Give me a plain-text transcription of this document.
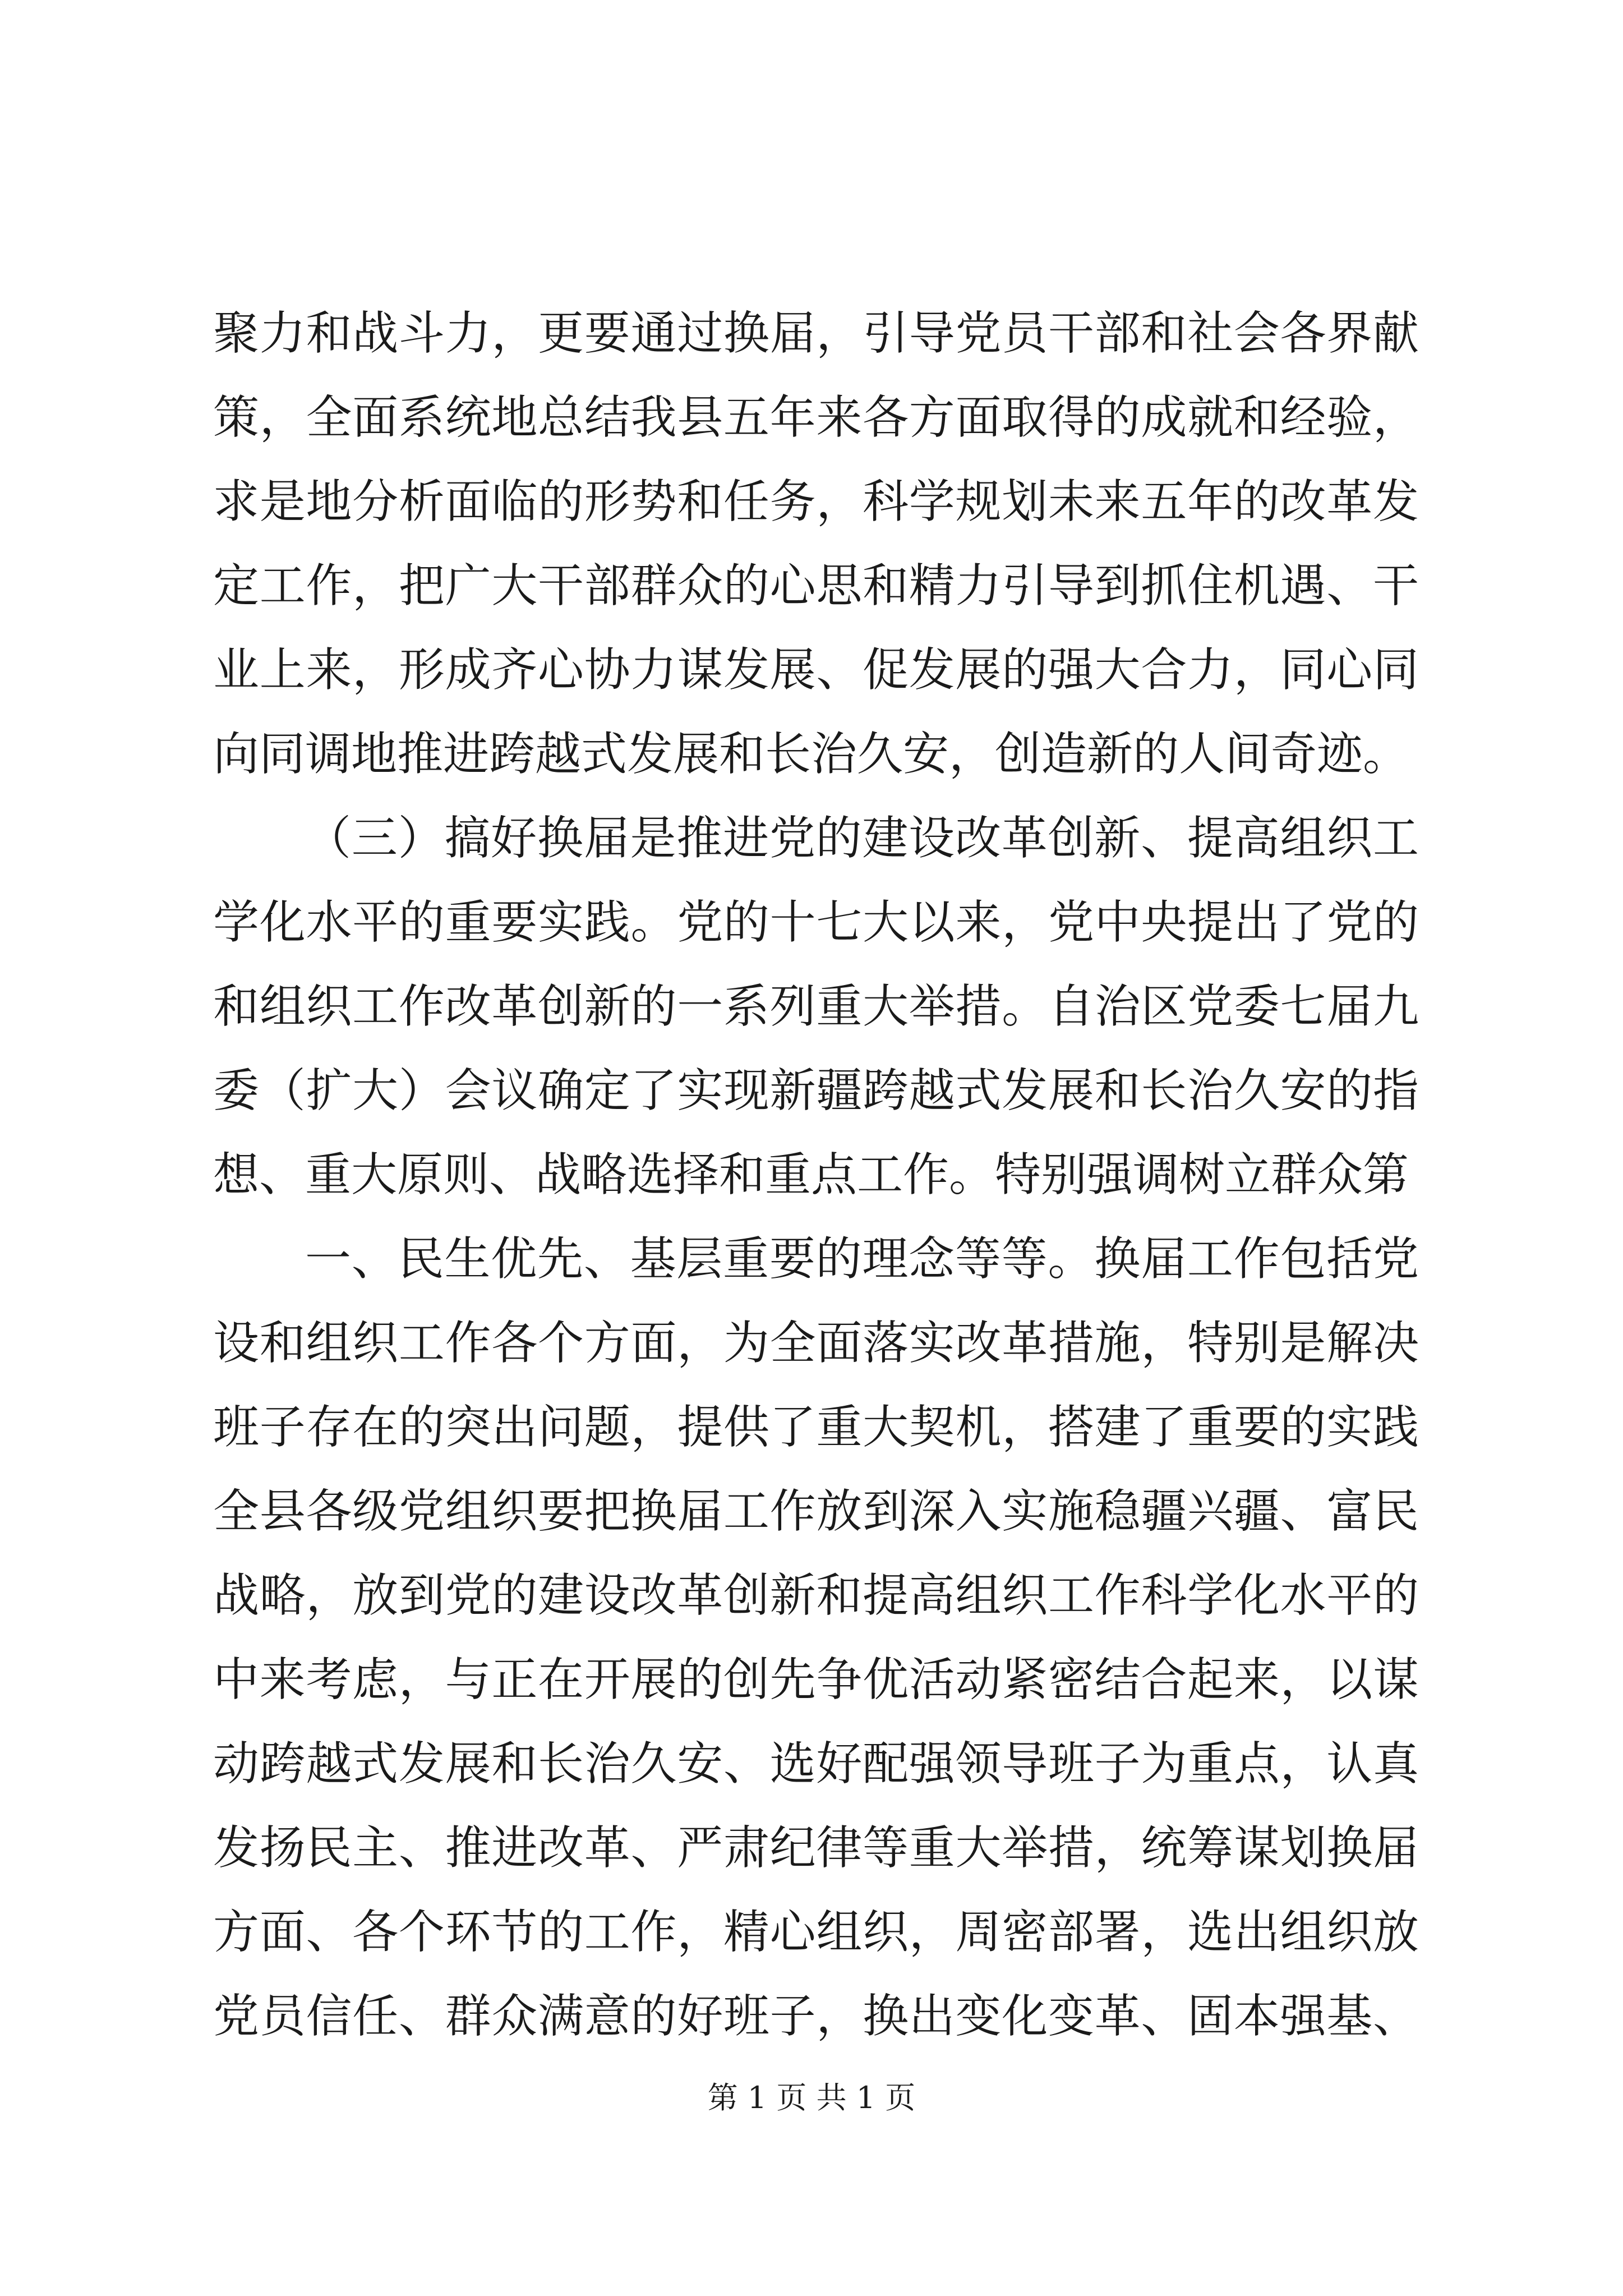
聚力和战斗力，更要通过换届，引导党员干部和社会各界献
策，全面系统地总结我县五年来各方面取得的成就和经验，
求是地分析面临的形势和任务，科学规划未来五年的改革发
定工作，把广大干部群众的心思和精力引导到抓住机遇、干
业上来，形成齐心协力谋发展、促发展的强大合力，同心同
向同调地推进跨越式发展和长治久安，创造新的人间奇迹。
（三）搞好换届是推进党的建设改革创新、提高组织工
学化水平的重要实践。党的十七大以来，党中央提出了党的
和组织工作改革创新的一系列重大举措。自治区党委七届九
委（扩大）会议确定了实现新疆跨越式发展和长治久安的指
想、重大原则、战略选择和重点工作。特别强调树立群众第
一、民生优先、基层重要的理念等等。换届工作包括党
设和组织工作各个方面，为全面落实改革措施，特别是解决
班子存在的突出问题，提供了重大契机，搭建了重要的实践
全县各级党组织要把换届工作放到深入实施稳疆兴疆、富民
战略，放到党的建设改革创新和提高组织工作科学化水平的
中来考虑，与正在开展的创先争优活动紧密结合起来，以谋
动跨越式发展和长治久安、选好配强领导班子为重点，认真
发扬民主、推进改革、严肃纪律等重大举措，统筹谋划换届
方面、各个环节的工作，精心组织，周密部署，选出组织放
党员信任、群众满意的好班子，换出变化变革、固本强基、
第 1 页 共 1 页
